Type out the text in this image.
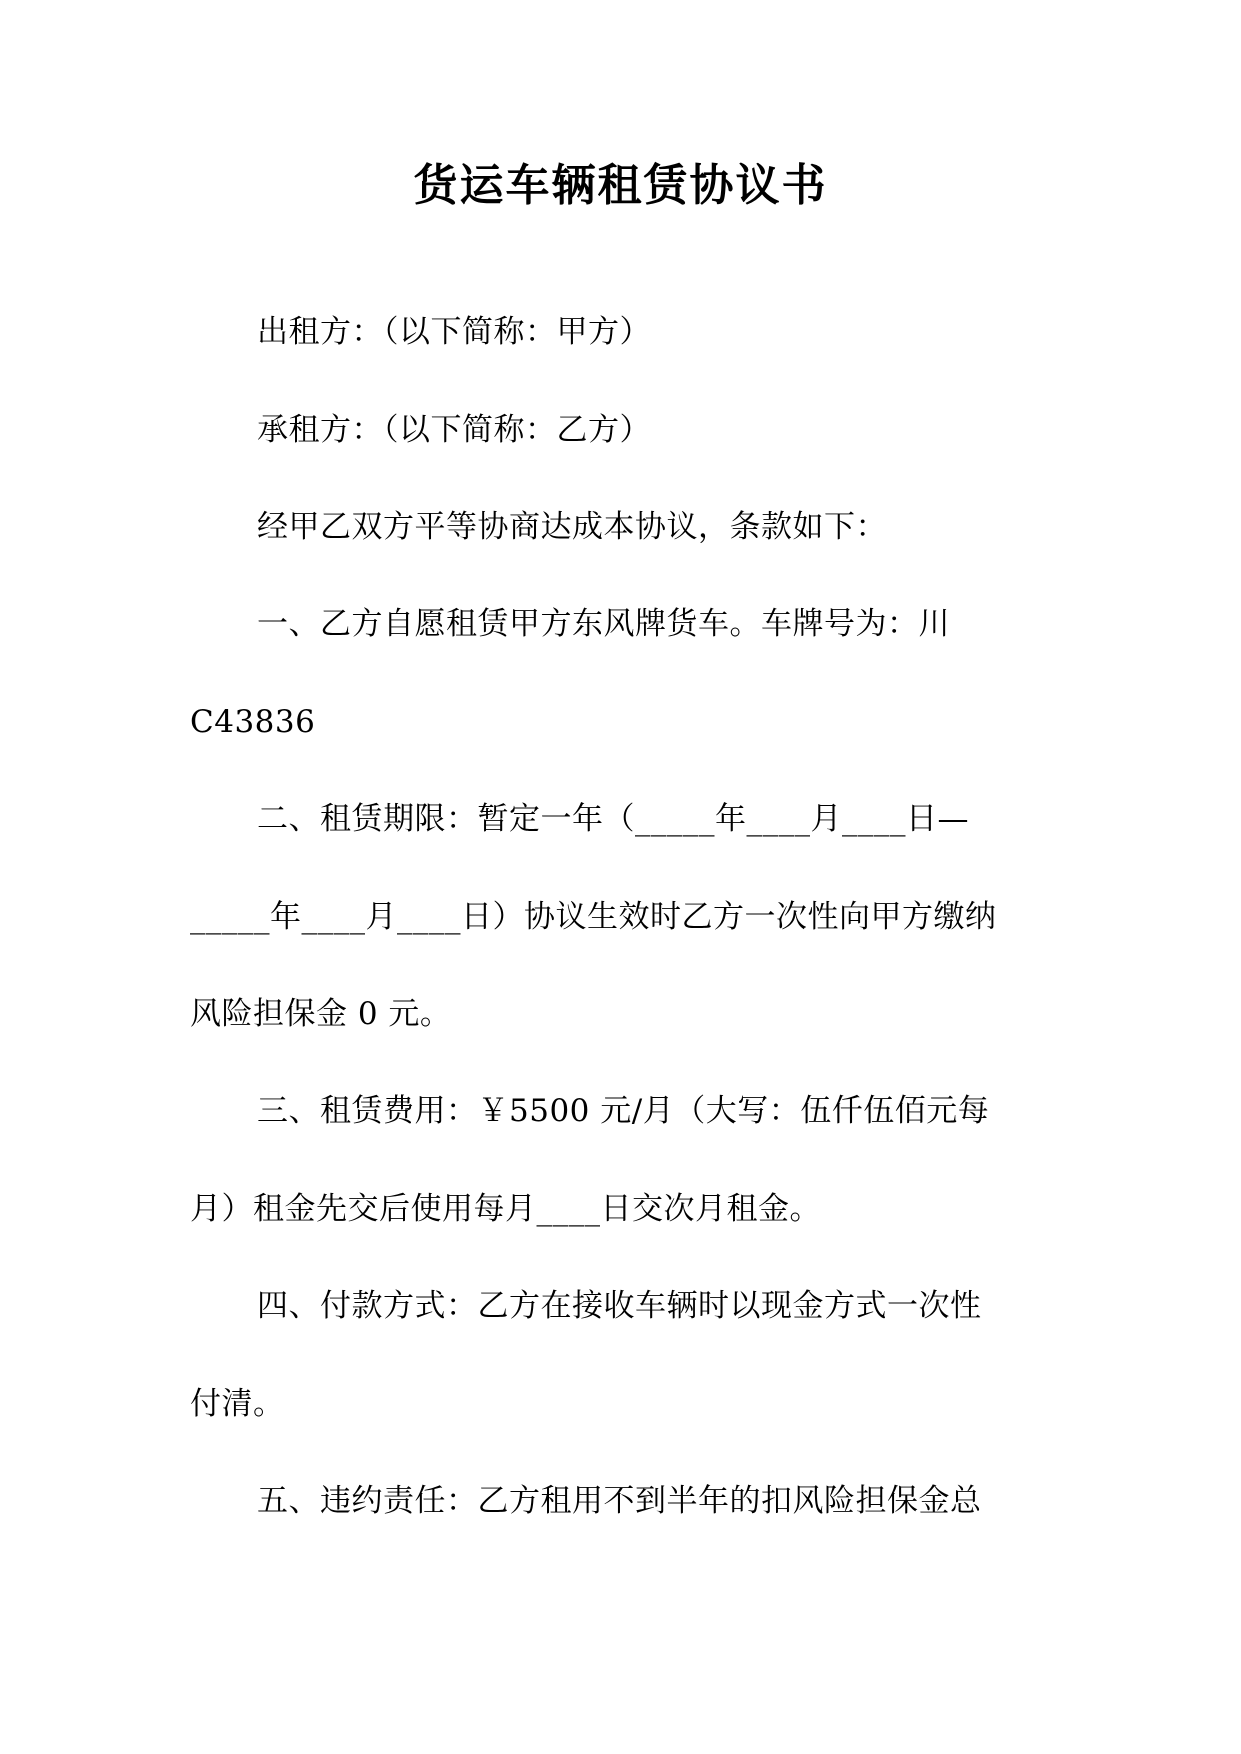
货运车辆租赁协议书
出租方：（以下简称：甲方）
承租方：（以下简称：乙方）
经甲乙双方平等协商达成本协议，条款如下：
一、乙方自愿租赁甲方东风牌货车。车牌号为：川
C43836
二、租赁期限：暂定一年（_____年____月____日—
_____年____月____日）协议生效时乙方一次性向甲方缴纳
风险担保金 0 元。
三、租赁费用：￥5500 元/月（大写：伍仟伍佰元每
月）租金先交后使用每月____日交次月租金。
四、付款方式：乙方在接收车辆时以现金方式一次性
付清。
五、违约责任：乙方租用不到半年的扣风险担保金总
